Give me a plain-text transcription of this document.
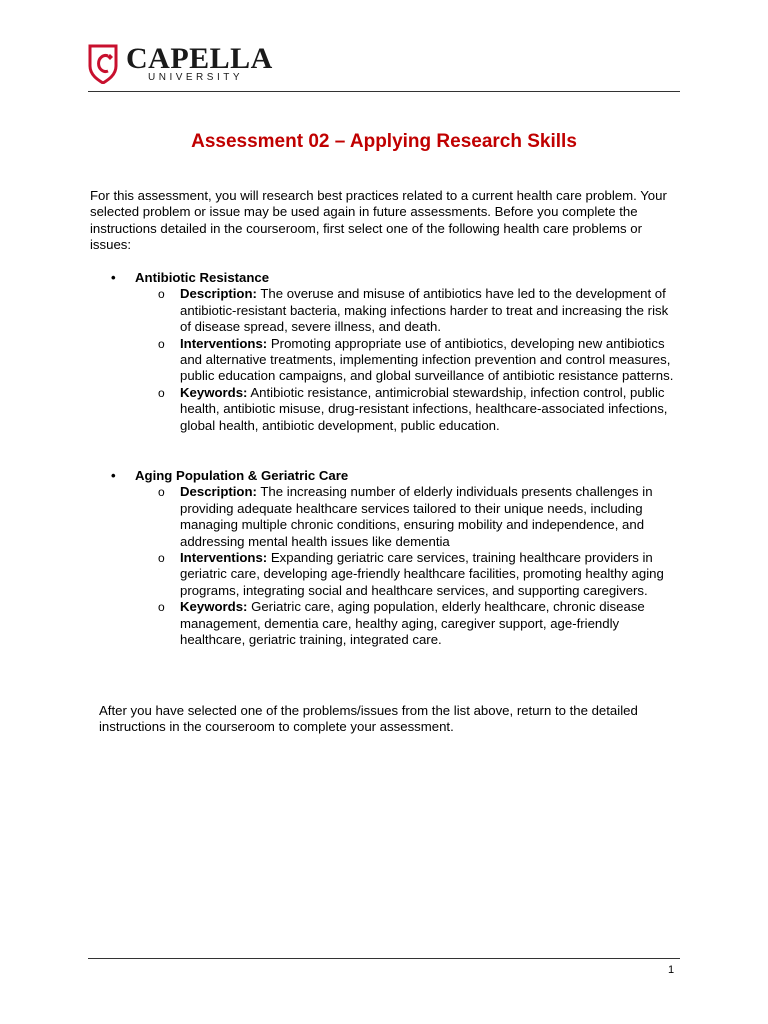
CAPELLA
UNIVERSITY
Assessment 02 – Applying Research Skills
For this assessment, you will research best practices related to a current health care problem. Your selected problem or issue may be used again in future assessments. Before you complete the instructions detailed in the courseroom, first select one of the following health care problems or issues:
• Antibiotic Resistance
o Description: The overuse and misuse of antibiotics have led to the development of antibiotic-resistant bacteria, making infections harder to treat and increasing the risk of disease spread, severe illness, and death.
o Interventions: Promoting appropriate use of antibiotics, developing new antibiotics and alternative treatments, implementing infection prevention and control measures, public education campaigns, and global surveillance of antibiotic resistance patterns.
o Keywords: Antibiotic resistance, antimicrobial stewardship, infection control, public health, antibiotic misuse, drug-resistant infections, healthcare-associated infections, global health, antibiotic development, public education.
• Aging Population & Geriatric Care
o Description: The increasing number of elderly individuals presents challenges in providing adequate healthcare services tailored to their unique needs, including managing multiple chronic conditions, ensuring mobility and independence, and addressing mental health issues like dementia
o Interventions: Expanding geriatric care services, training healthcare providers in geriatric care, developing age-friendly healthcare facilities, promoting healthy aging programs, integrating social and healthcare services, and supporting caregivers.
o Keywords: Geriatric care, aging population, elderly healthcare, chronic disease management, dementia care, healthy aging, caregiver support, age-friendly healthcare, geriatric training, integrated care.
After you have selected one of the problems/issues from the list above, return to the detailed instructions in the courseroom to complete your assessment.
1
